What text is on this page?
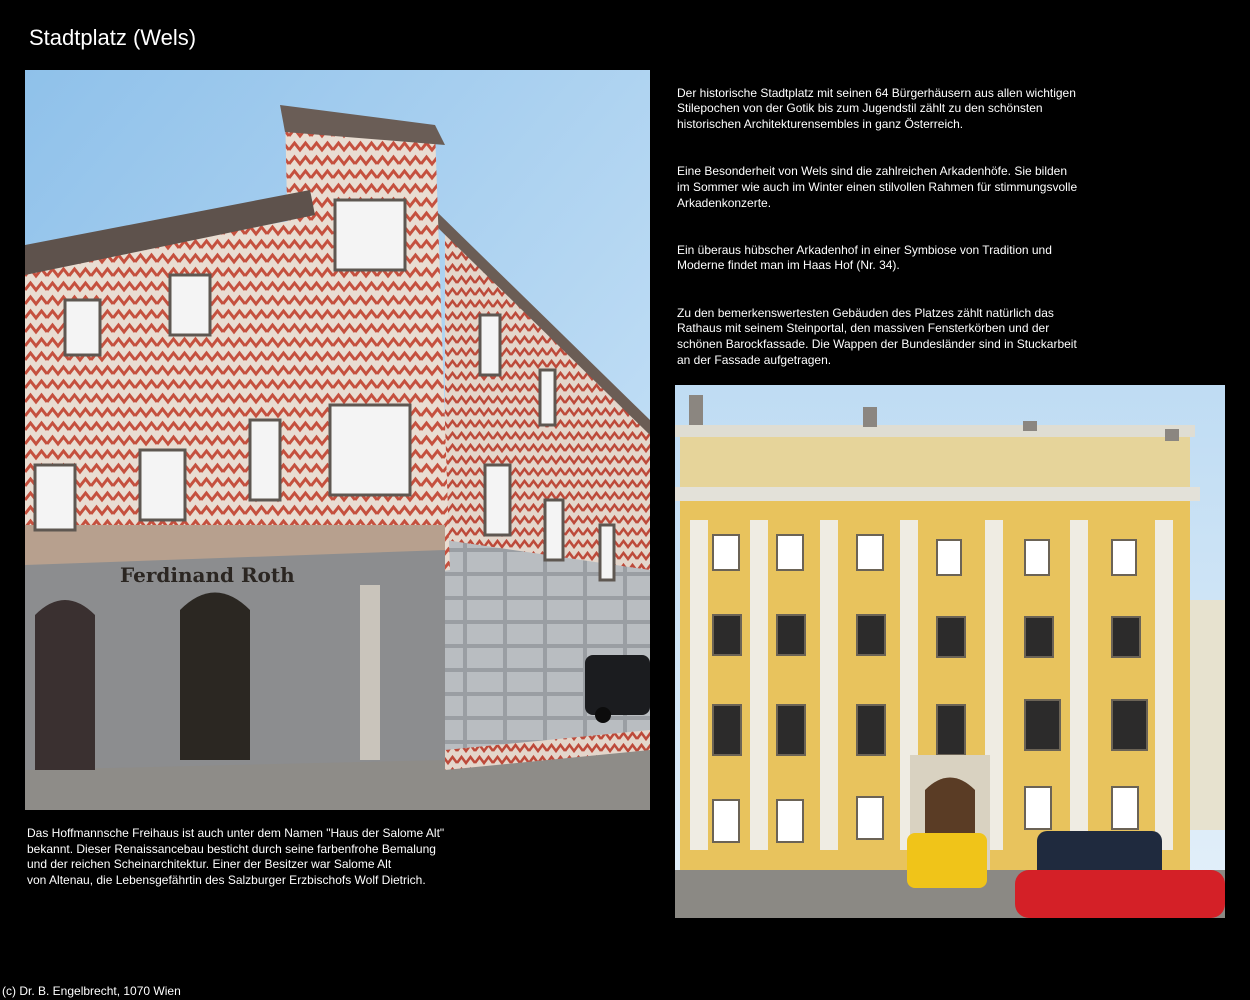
Stadtplatz (Wels)
Ferdinand Roth

Der historische Stadtplatz mit seinen 64 Bürgerhäusern aus allen wichtigen
Stilepochen von der Gotik bis zum Jugendstil zählt zu den schönsten
historischen Architekturensembles in ganz Österreich.

Eine Besonderheit von Wels sind die zahlreichen Arkadenhöfe. Sie bilden
im Sommer wie auch im Winter einen stilvollen Rahmen für stimmungsvolle
Arkadenkonzerte.

Ein überaus hübscher Arkadenhof in einer Symbiose von Tradition und
Moderne findet man im Haas Hof (Nr. 34).

Zu den bemerkenswertesten Gebäuden des Platzes zählt natürlich das
Rathaus mit seinem Steinportal, den massiven Fensterkörben und der
schönen Barockfassade. Die Wappen der Bundesländer sind in Stuckarbeit
an der Fassade aufgetragen.

Das Hoffmannsche Freihaus ist auch unter dem Namen "Haus der Salome Alt"
bekannt. Dieser Renaissancebau besticht durch seine farbenfrohe Bemalung
und der reichen Scheinarchitektur. Einer der Besitzer war Salome Alt
von Altenau, die Lebensgefährtin des Salzburger Erzbischofs Wolf Dietrich.
(c) Dr. B. Engelbrecht, 1070 Wien
